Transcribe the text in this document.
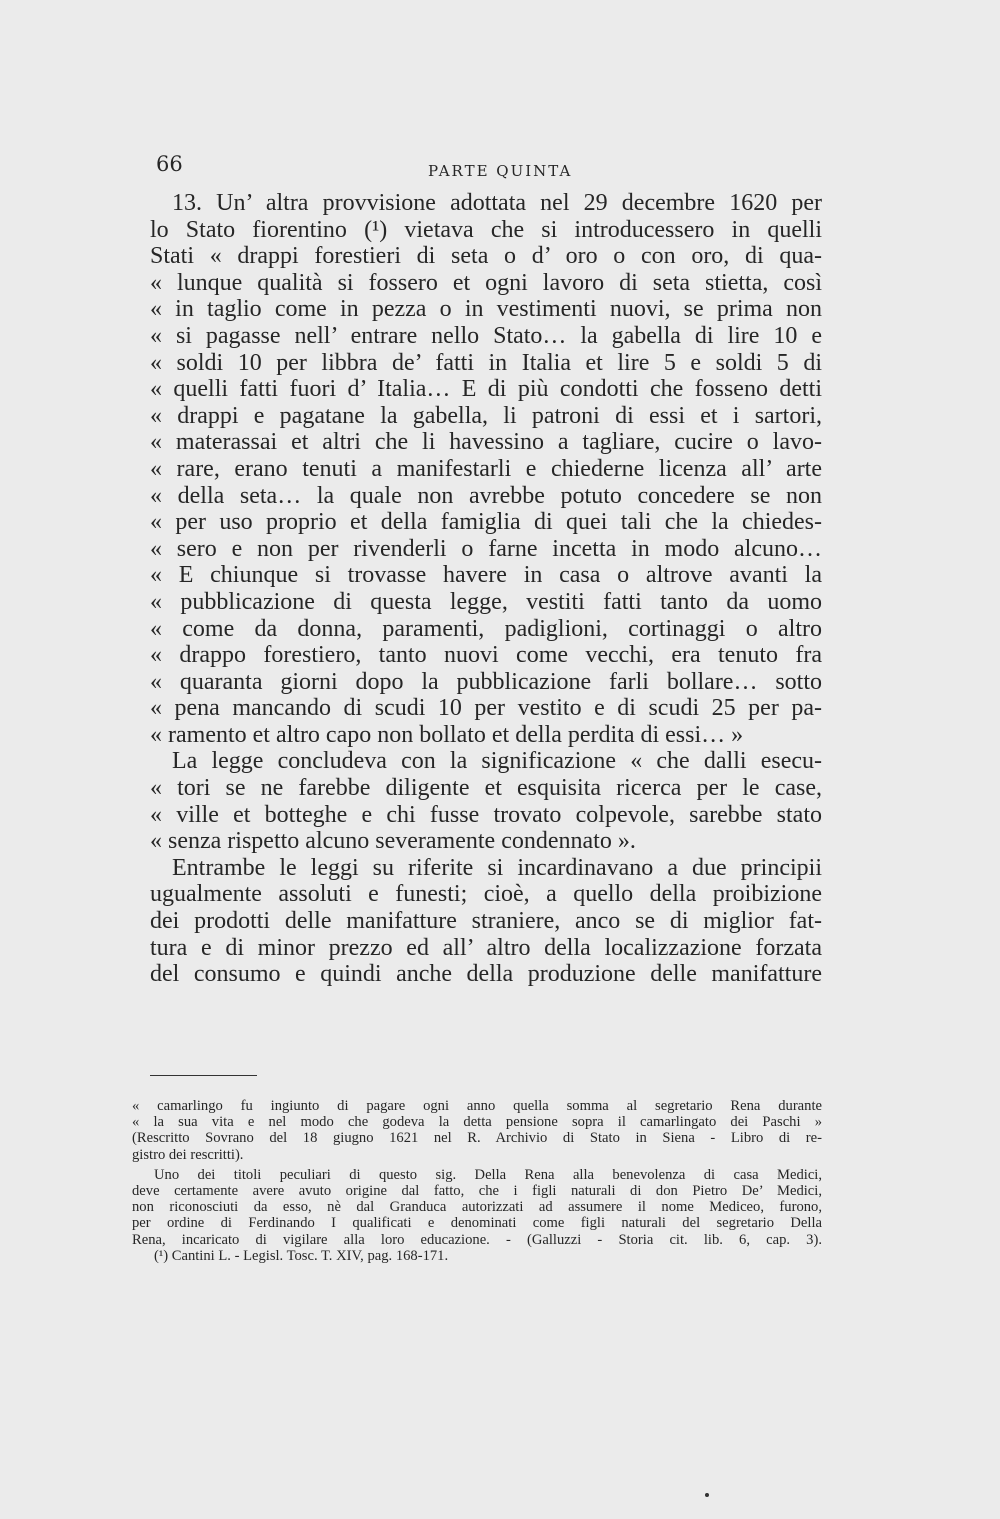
66	PARTE QUINTA
13. Un’ altra provvisione adottata nel 29 decembre 1620 per
lo Stato fiorentino (¹) vietava che si introducessero in quelli
Stati « drappi forestieri di seta o d’ oro o con oro, di qua-
« lunque qualità si fossero et ogni lavoro di seta stietta, così
« in taglio come in pezza o in vestimenti nuovi, se prima non
« si pagasse nell’ entrare nello Stato… la gabella di lire 10 e
« soldi 10 per libbra de’ fatti in Italia et lire 5 e soldi 5 di
« quelli fatti fuori d’ Italia… E di più condotti che fosseno detti
« drappi e pagatane la gabella, li patroni di essi et i sartori,
« materassai et altri che li havessino a tagliare, cucire o lavo-
« rare, erano tenuti a manifestarli e chiederne licenza all’ arte
« della seta… la quale non avrebbe potuto concedere se non
« per uso proprio et della famiglia di quei tali che la chiedes-
« sero e non per rivenderli o farne incetta in modo alcuno…
« E chiunque si trovasse havere in casa o altrove avanti la
« pubblicazione di questa legge, vestiti fatti tanto da uomo
« come da donna, paramenti, padiglioni, cortinaggi o altro
« drappo forestiero, tanto nuovi come vecchi, era tenuto fra
« quaranta giorni dopo la pubblicazione farli bollare… sotto
« pena mancando di scudi 10 per vestito e di scudi 25 per pa-
« ramento et altro capo non bollato et della perdita di essi… »
La legge concludeva con la significazione « che dalli esecu-
« tori se ne farebbe diligente et esquisita ricerca per le case,
« ville et botteghe e chi fusse trovato colpevole, sarebbe stato
« senza rispetto alcuno severamente condennato ».
Entrambe le leggi su riferite si incardinavano a due principii
ugualmente assoluti e funesti; cioè, a quello della proibizione
dei prodotti delle manifatture straniere, anco se di miglior fat-
tura e di minor prezzo ed all’ altro della localizzazione forzata
del consumo e quindi anche della produzione delle manifatture
« camarlingo fu ingiunto di pagare ogni anno quella somma al segretario Rena durante
« la sua vita e nel modo che godeva la detta pensione sopra il camarlingato dei Paschi »
(Rescritto Sovrano del 18 giugno 1621 nel R. Archivio di Stato in Siena - Libro di re-
gistro dei rescritti).
Uno dei titoli peculiari di questo sig. Della Rena alla benevolenza di casa Medici,
deve certamente avere avuto origine dal fatto, che i figli naturali di don Pietro De’ Medici,
non riconosciuti da esso, nè dal Granduca autorizzati ad assumere il nome Mediceo, furono,
per ordine di Ferdinando I qualificati e denominati come figli naturali del segretario Della
Rena, incaricato di vigilare alla loro educazione. - (Galluzzi - Storia cit. lib. 6, cap. 3).
(¹) Cantini L. - Legisl. Tosc. T. XIV, pag. 168-171.
